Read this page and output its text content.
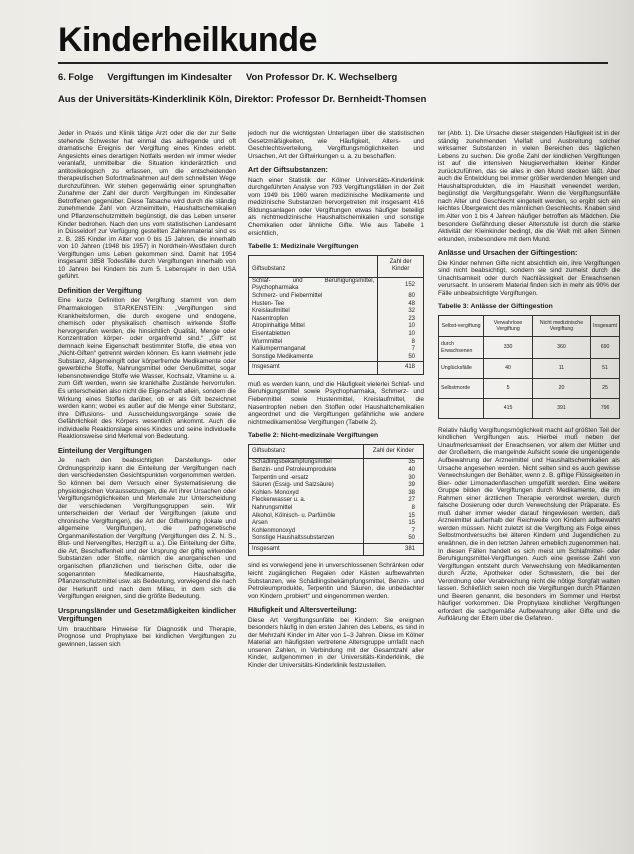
Kinderheilkunde
6. Folge Vergiftungen im Kindesalter Von Professor Dr. K. Wechselberg
Aus der Universitäts-Kinderklinik Köln, Direktor: Professor Dr. Bernheidt-Thomsen

Jeder in Praxis und Klinik tätige Arzt oder die der zur Seite stehende Schwester hat einmal das aufregende und oft dramatische Ereignis der Vergiftung eines Kindes erlebt. Angesichts eines derartigen Notfalls werden wir immer wieder veranlaßt, unmittelbar die Situation kinderärztlich und antitoxikologisch zu erfassen, um die entscheidenden therapeutischen Sofortmaßnahmen auf dem schnellsten Wege durchzuführen. Wir stehen gegenwärtig einer sprunghaften Zunahme der Zahl der durch Vergiftungen im Kindesalter Betroffenen gegenüber. Diese Tatsache wird durch die ständig zunehmende Zahl von Arzneimitteln, Haushaltschemikalien und Pflanzenschutzmitteln begünstigt, die das Leben unserer Kinder bedrohen. Nach den uns vom statistischen Landesamt in Düsseldorf zur Verfügung gestellten Zahlenmaterial sind es z. B. 285 Kinder im Alter von 0 bis 15 Jahren, die innerhalb von 10 Jahren (1948 bis 1957) in Nordrhein-Westfalen durch Vergiftungen ums Leben gekommen sind. Damit hat 1954 insgesamt 3858 Todesfälle durch Vergiftungen innerhalb von 10 Jahren bei Kindern bis zum 5. Lebensjahr in den USA geführt.

Definition der Vergiftung

Eine kurze Definition der Vergiftung stammt von dem Pharmakologen STARKENSTEIN: „Vergiftungen sind Krankheitsformen, die durch exogene und endogene, chemisch oder physikalisch chemisch wirkende Stoffe hervorgerufen werden, die hinsichtlich Qualität, Menge oder Konzentration körper- oder organfremd sind.“ „Gift“ ist demnach keine Eigenschaft bestimmter Stoffe, die etwa von „Nicht-Giften“ getrennt werden können. Es kann vielmehr jede Substanz, Allgemeingift oder körperfremde Medikamente oder gewerbliche Stoffe, Nahrungsmittel oder Genußmittel, sogar lebensnotwendige Stoffe wie Wasser, Kochsalz, Vitamine u. a. zum Gift werden, wenn sie krankhafte Zustände hervorrufen. Es unterscheiden also nicht die Eigenschaft allein, sondern die Wirkung eines Stoffes darüber, ob er als Gift bezeichnet werden kann; wobei es außer auf die Menge einer Substanz, ihre Diffusions- und Ausscheidungsvorgänge sowie die Gefährlichkeit des Körpers wesentlich ankommt. Auch die individuelle Reaktionslage eines Kindes und seine individuelle Reaktionsweise sind Merkmal von Bedeutung.

Einteilung der Vergiftungen

Je nach den beabsichtigten Darstellungs- oder Ordnungsprinzip kann die Einteilung der Vergiftungen nach den verschiedensten Gesichtspunkten vorgenommen werden. So können bei dem Versuch einer Systematisierung die physiologischen Voraussetzungen, die Art ihrer Ursachen oder Vergiftungsmöglichkeiten und Merkmale zur Unterscheidung der verschiedenen Vergiftungsgruppen sein. Wir unterscheiden der Verlauf der Vergiftungen (akute und chronische Vergiftungen), die Art der Giftwirkung (lokale und allgemeine Vergiftungen), die pathogenetische Organmanifestation der Vergiftung (Vergiftungen des Z. N. S., Blut- und Nervengiftes, Herzgift u. a.). Die Einteilung der Gifte, die Art, Beschaffenheit und der Ursprung der giftig wirkenden Substanzen oder Stoffe, nämlich die anorganischen und organischen pflanzlichen und tierischen Gifte, oder die sogenannten Medikamente, Haushaltsgifte, Pflanzenschutzmittel usw. als Bedeutung, vorwiegend die nach der Herkunft und nach dem Milieu, in dem sich die Vergiftungen ereignen, sind die größte Bedeutung.

Ursprungsländer und Gesetzmäßigkeiten kindlicher Vergiftungen

Um brauchbare Hinweise für Diagnostik und Therapie, Prognose und Prophylaxe bei kindlichen Vergiftungen zu gewinnen, lassen sich

jedoch nur die wichtigsten Unterlagen über die statistischen Gesetzmäßigkeiten, wie Häufigkeit, Alters- und Geschlechtsverteilung, Vergiftungsmöglichkeiten und Ursachen, Art der Giftwirkungen u. a. zu beschaffen.

Art der Giftsubstanzen:

Nach einer Statistik der Kölner Universitäts-Kinderklinik durchgeführten Analyse von 793 Vergiftungsfällen in der Zeit vom 1949 bis 1960 waren medizinische Medikamente und medizinische Substanzen hervorgetreten mit insgesamt 416 Bildungsanlagen oder Vergiftungen etwas häufiger beteiligt als nichtmedizinische Haushaltschemikalien und sonstige Chemikalien oder ähnliche Gifte. Wie aus Tabelle 1 ersichtlich,

Tabelle 1: Medizinale Vergiftungen
Giftsubstanz	Zahl der Kinder
Schlaf- und Beruhigungsmittel, Psychopharmaka	152
Schmerz- und Fiebermittel	80
Husten- Tee	48
Kreislaufmittel	32
Nasentropfen	23
Atropinhaltige Mittel	10
Eisentabletten	10
Wurmmittel	8
Kaliumpermanganat	7
Sonstige Medikamente	50
Insgesamt	418

muß es werden kann, und die Häufigkeit vielerlei Schlaf- und Beruhigungsmittel sowie Psychopharmaka, Schmerz- und Fiebermittel sowie Hustenmittel, Kreislaufmittel, die Nasentropfen neben den Stoffen oder Haushaltchemikalien angeordnet und die Vergiftungen gefährliche wie andere nichtmedikamentöse Vergiftungen (Tabelle 2).

Tabelle 2: Nicht-medizinale Vergiftungen
Giftsubstanz	Zahl der Kinder
Schädlingsbekämpfungsmittel	35
Benzin- und Petroleumprodukte	40
Terpentin und -ersatz	30
Säuren (Essig- und Salzsäure)	39
Kohlen- Monoxyd	38
Fleckenwasser u. a.	27
Nahrungsmittel	8
Alkohol, Kölnisch- u. Parfümöle	15
Arsen	15
Kohlenmonoxyd	7
Sonstige Haushaltssubstanzen	50
Insgesamt	381

sind es vorwiegend jene in unverschlossenen Schränken oder leicht zugänglichen Regalen oder Kästen aufbewahrten Substanzen, wie Schädlingsbekämpfungsmittel, Benzin- und Petroleumprodukte, Terpentin und Säuren, die unbedachter von Kindern „probiert“ und eingenommen werden.

Häufigkeit und Altersverteilung:

Diese Art Vergiftungsunfälle bei Kindern: Sie ereignen besonders häufig in den ersten Jahren des Lebens, es sind in der Mehrzahl Kinder im Alter von 1–3 Jahren. Diese im Kölner Material am häufigsten vertretene Altersgruppe umfaßt nach unseren Zahlen, in Verbindung mit der Gesamtzahl aller Kinder, aufgenommen in der Universitäts-Kinderklinik, die Kinder der Universitäts-Kinderklinik festzustellen.

ter (Abb. 1). Die Ursache dieser steigenden Häufigkeit ist in der ständig zunehmenden Vielfalt und Ausbreitung solcher wirksamer Substanzen in vielen Bereichen des täglichen Lebens zu suchen. Die große Zahl der kindlichen Vergiftungen ist auf die intensiven Neugierverhalten kleiner Kinder zurückzuführen, das sie alles in den Mund stecken läßt. Aber auch die Entwicklung bei immer größer werdenden Mengen und Haushaltsprodukten, die im Haushalt verwendet werden, begünstigt die Vergiftungsgefahr. Wenn die Vergiftungsunfälle nach Alter und Geschlecht eingeteilt werden, so ergibt sich ein leichtes Übergewicht des männlichen Geschlechts. Knaben sind im Alter von 1 bis 4 Jahren häufiger betroffen als Mädchen. Die besondere Gefährdung dieser Altersstufe ist durch die starke Aktivität der Kleinkinder bedingt, die die Welt mit allen Sinnen erkunden, insbesondere mit dem Mund.

Anlässe und Ursachen der Giftingestion:

Die Kinder nehmen Gifte nicht absichtlich ein, ihre Vergiftungen sind nicht beabsichtigt, sondern sie sind zumeist durch die Unachtsamkeit oder durch Nachlässigkeit der Erwachsenen verursacht. In unserem Material finden sich in mehr als 90% der Fälle unbeabsichtigte Vergiftungen.

Tabelle 3: Anlässe der Giftingestion
Selbst-vergiftung	Verwahrlose Vergiftung	Nicht medizinische Vergiftung	Insgesamt
durch Erwachsenen	330	360	690
Unglücksfälle	40	11	51
Selbstmorde	5	20	25
	415	391	796

Relativ häufig Vergiftungsmöglichkeit macht auf größten Teil der kindlichen Vergiftungen aus. Hierbei muß neben der Unaufmerksamkeit der Erwachsenen, vor allem der Mütter und der Großeltern, die mangelnde Aufsicht sowie die ungenügende Aufbewahrung der Arzneimittel und Haushaltschemikalien als Ursache angesehen werden. Nicht selten sind es auch gewisse Verwechslungen der Behälter, wenn z. B. giftige Flüssigkeiten in Bier- oder Limonadenflaschen umgefüllt werden. Eine weitere Gruppe bilden die Vergiftungen durch Medikamente, die im Rahmen einer ärztlichen Therapie verordnet werden, durch falsche Dosierung oder durch Verwechslung der Präparate. Es muß daher immer wieder darauf hingewiesen werden, daß Arzneimittel außerhalb der Reichweite von Kindern aufbewahrt werden müssen. Nicht zuletzt ist die Vergiftung als Folge eines Selbstmordversuchs bei älteren Kindern und Jugendlichen zu erwähnen, die in den letzten Jahren erheblich zugenommen hat. In diesen Fällen handelt es sich meist um Schlafmittel- oder Beruhigungsmittel-Vergiftungen. Auch eine gewisse Zahl von Vergiftungen entsteht durch Verwechslung von Medikamenten durch Ärzte, Apotheker oder Schwestern, die bei der Verordnung oder Verabreichung nicht die nötige Sorgfalt walten lassen. Schließlich seien noch die Vergiftungen durch Pflanzen und Beeren genannt, die besonders im Sommer und Herbst häufiger vorkommen. Die Prophylaxe kindlicher Vergiftungen erfordert die sachgemäße Aufbewahrung aller Gifte und die Aufklärung der Eltern über die Gefahren.
